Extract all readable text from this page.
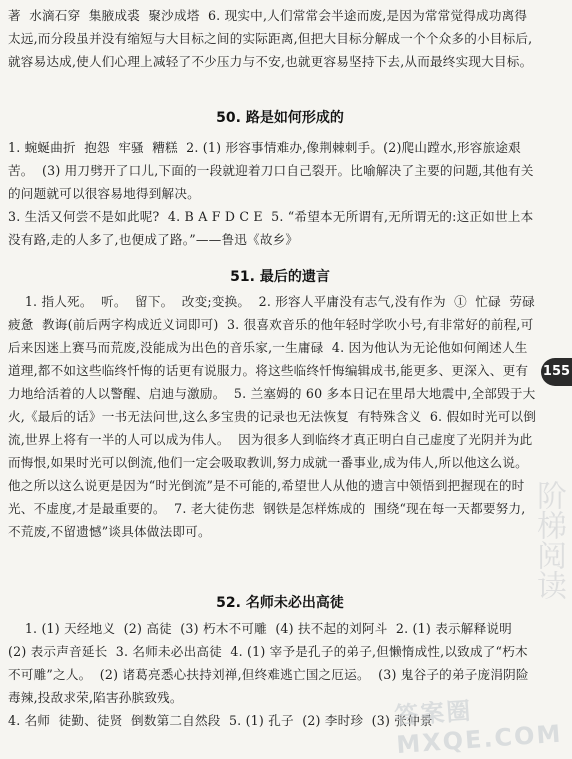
著  水滴石穿  集腋成裘  聚沙成塔  6. 现实中,人们常常会半途而废,是因为常常觉得成功离得太远,而分段虽并没有缩短与大目标之间的实际距离,但把大目标分解成一个个众多的小目标后,就容易达成,使人们心理上减轻了不少压力与不安,也就更容易坚持下去,从而最终实现大目标。
50. 路是如何形成的
1. 蜿蜒曲折  抱怨  牢骚  糟糕  2. (1) 形容事情难办,像荆棘刺手。(2)爬山蹚水,形容旅途艰苦。  (3) 用刀劈开了口儿,下面的一段就迎着刀口自己裂开。比喻解决了主要的问题,其他有关的问题就可以很容易地得到解决。
3. 生活又何尝不是如此呢?  4. B A F D C E  5. “希望本无所谓有,无所谓无的:这正如世上本没有路,走的人多了,也便成了路。”——鲁迅《故乡》
51. 最后的遗言
1. 指人死。  听。  留下。  改变;变换。  2. 形容人平庸没有志气,没有作为  ①  忙碌  劳碌  疲惫  教诲(前后两字构成近义词即可)  3. 很喜欢音乐的他年轻时学吹小号,有非常好的前程,可后来因迷上赛马而荒废,没能成为出色的音乐家,一生庸碌  4. 因为他认为无论他如何阐述人生道理,都不如这些临终忏悔的话更有说服力。将这些临终忏悔编辑成书,能更多、更深入、更有力地给活着的人以警醒、启迪与激励。  5. 兰塞姆的 60 多本日记在里昂大地震中,全部毁于大火,《最后的话》一书无法问世,这么多宝贵的记录也无法恢复  有特殊含义  6. 假如时光可以倒流,世界上将有一半的人可以成为伟人。  因为很多人到临终才真正明白自己虚度了光阴并为此而悔恨,如果时光可以倒流,他们一定会吸取教训,努力成就一番事业,成为伟人,所以他这么说。  他之所以这么说更是因为“时光倒流”是不可能的,希望世人从他的遗言中领悟到把握现在的时光、不虚度,才是最重要的。  7. 老大徒伤悲  钢铁是怎样炼成的  围绕“现在每一天都要努力,不荒废,不留遗憾”谈具体做法即可。
52. 名师未必出高徒
1. (1) 天经地义  (2) 高徒  (3) 朽木不可雕  (4) 扶不起的刘阿斗  2. (1) 表示解释说明  (2) 表示声音延长  3. 名师未必出高徒  4. (1) 宰予是孔子的弟子,但懒惰成性,以致成了“朽木不可雕”之人。  (2) 诸葛亮悉心扶持刘禅,但终难逃亡国之厄运。  (3) 鬼谷子的弟子庞涓阴险毒辣,投敌求荣,陷害孙膑致残。
4. 名师  徒勤、徒贤  倒数第二自然段  5. (1) 孔子  (2) 李时珍  (3) 张仲景
155
阶梯阅读
答案圈 MXQE.COM
